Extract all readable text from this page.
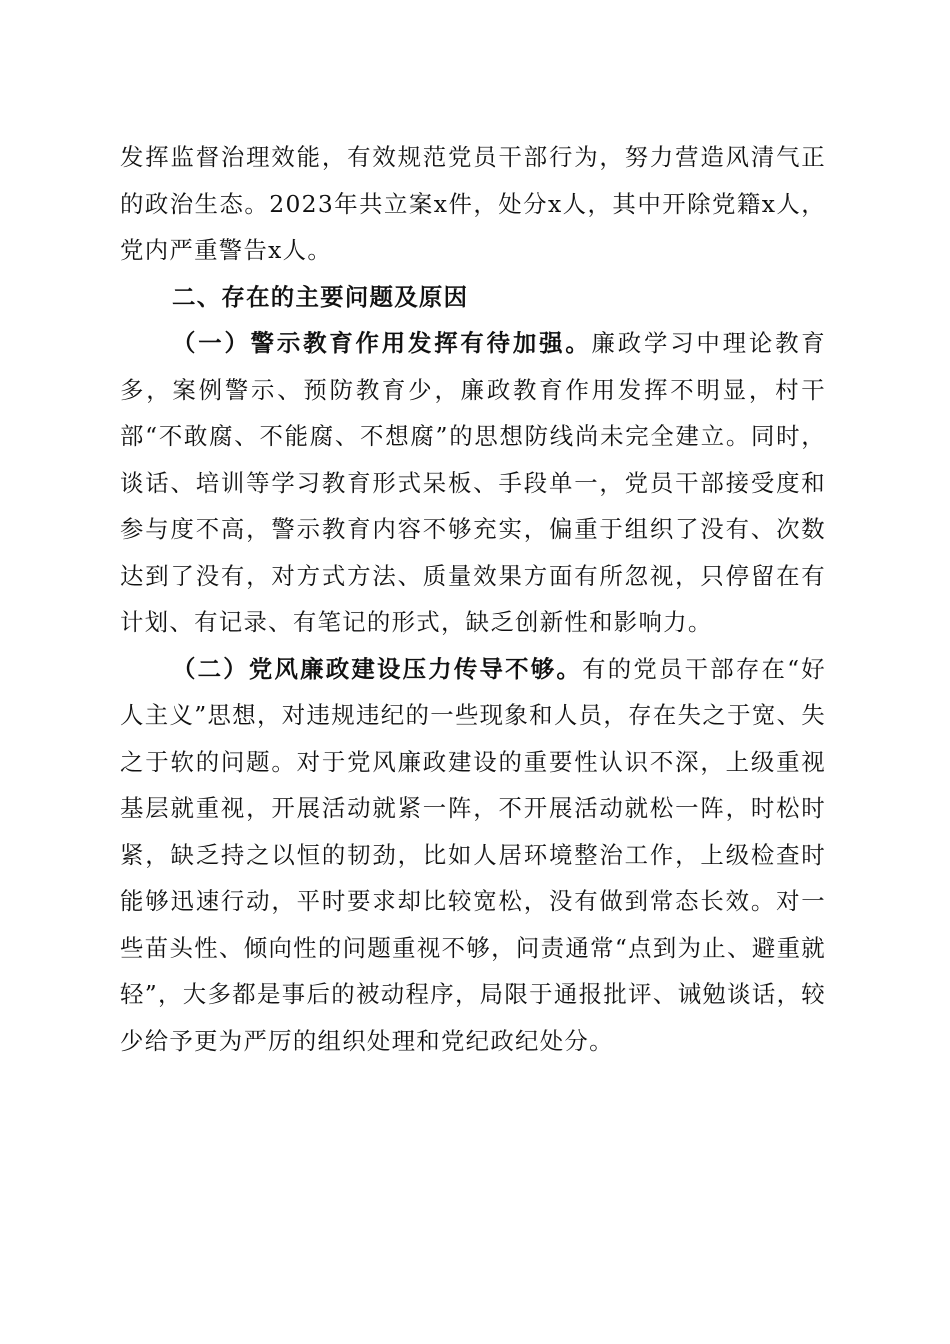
发挥监督治理效能，有效规范党员干部行为，努力营造风清气正的政治生态。2023年共立案x件，处分x人，其中开除党籍x人，党内严重警告x人。

二、存在的主要问题及原因

（一）警示教育作用发挥有待加强。廉政学习中理论教育多，案例警示、预防教育少，廉政教育作用发挥不明显，村干部“不敢腐、不能腐、不想腐”的思想防线尚未完全建立。同时，谈话、培训等学习教育形式呆板、手段单一，党员干部接受度和参与度不高，警示教育内容不够充实，偏重于组织了没有、次数达到了没有，对方式方法、质量效果方面有所忽视，只停留在有计划、有记录、有笔记的形式，缺乏创新性和影响力。

（二）党风廉政建设压力传导不够。有的党员干部存在“好人主义”思想，对违规违纪的一些现象和人员，存在失之于宽、失之于软的问题。对于党风廉政建设的重要性认识不深，上级重视基层就重视，开展活动就紧一阵，不开展活动就松一阵，时松时紧，缺乏持之以恒的韧劲，比如人居环境整治工作，上级检查时能够迅速行动，平时要求却比较宽松，没有做到常态长效。对一些苗头性、倾向性的问题重视不够，问责通常“点到为止、避重就轻”，大多都是事后的被动程序，局限于通报批评、诫勉谈话，较少给予更为严厉的组织处理和党纪政纪处分。
